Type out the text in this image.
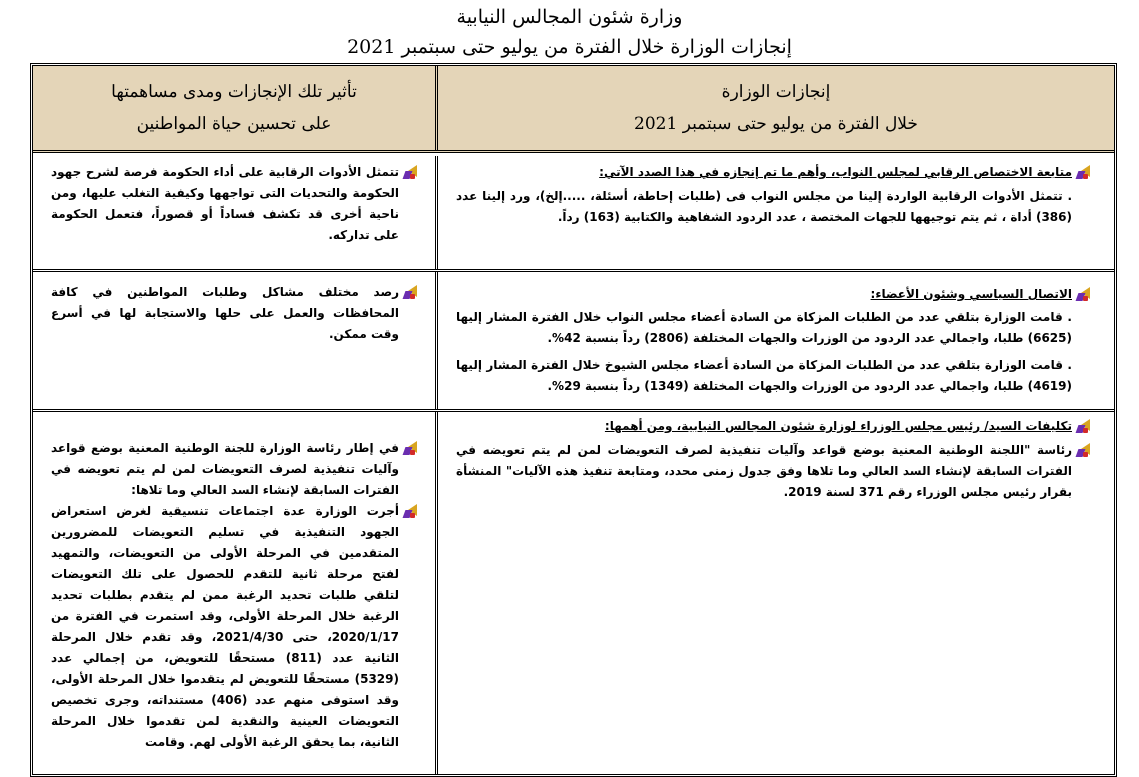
وزارة شئون المجالس النيابية
إنجازات الوزارة خلال الفترة من يوليو حتى سبتمبر 2021
إنجازات الوزارة
خلال الفترة من يوليو حتى سبتمبر 2021
تأثير تلك الإنجازات ومدى مساهمتها
على تحسين حياة المواطنين
متابعة الاختصاص الرقابي لمجلس النواب، وأهم ما تم إنجازه في هذا الصدد الآتي:
. تتمثل الأدوات الرقابية الواردة إلينا من مجلس النواب فى (طلبات إحاطة، أسئلة، .....إلخ)، ورد إلينا عدد (386) أداة ، ثم يتم توجيهها للجهات المختصة ، عدد الردود الشفاهية والكتابية (163) رداً.
تتمثل الأدوات الرقابية على أداء الحكومة فرصة لشرح جهود الحكومة والتحديات التى تواجهها وكيفية التغلب عليها، ومن ناحية أخرى قد تكشف فساداً أو قصوراً، فتعمل الحكومة على تداركه.
الاتصال السياسي وشئون الأعضاء:
. قامت الوزارة بتلقي عدد من الطلبات المزكاة من السادة أعضاء مجلس النواب خلال الفترة المشار إليها (6625) طلبا، واجمالي عدد الردود من الوزرات والجهات المختلفة (2806) رداً بنسبة 42%.
. قامت الوزارة بتلقي عدد من الطلبات المزكاة من السادة أعضاء مجلس الشيوخ خلال الفترة المشار إليها (4619) طلبا، واجمالي عدد الردود من الوزرات والجهات المختلفة (1349) رداً بنسبة 29%.
رصد مختلف مشاكل وطلبات المواطنين في كافة المحافظات والعمل على حلها والاستجابة لها في أسرع وقت ممكن.
تكليفات السيد/ رئيس مجلس الوزراء لوزارة شئون المجالس النيابية، ومن أهمها:
رئاسة "اللجنة الوطنية المعنية بوضع قواعد وآليات تنفيذية لصرف التعويضات لمن لم يتم تعويضه في الفترات السابقة لإنشاء السد العالي وما تلاها وفق جدول زمنى محدد، ومتابعة تنفيذ هذه الآليات" المنشأة بقرار رئيس مجلس الوزراء رقم 371 لسنة 2019.
في إطار رئاسة الوزارة للجنة الوطنية المعنية بوضع قواعد وآليات تنفيذية لصرف التعويضات لمن لم يتم تعويضه في الفترات السابقة لإنشاء السد العالي وما تلاها:
أجرت الوزارة عدة اجتماعات تنسيقية لغرض استعراض الجهود التنفيذية في تسليم التعويضات للمضرورين المتقدمين في المرحلة الأولى من التعويضات، والتمهيد لفتح مرحلة ثانية للتقدم للحصول على تلك التعويضات لتلقي طلبات تحديد الرغبة ممن لم يتقدم بطلبات تحديد الرغبة خلال المرحلة الأولى، وقد استمرت في الفترة من 2020/1/17، حتى 2021/4/30، وقد تقدم خلال المرحلة الثانية عدد (811) مستحقًا للتعويض، من إجمالي عدد (5329) مستحقًا للتعويض لم يتقدموا خلال المرحلة الأولى، وقد استوفى منهم عدد (406) مستنداته، وجرى تخصيص التعويضات العينية والنقدية لمن تقدموا خلال المرحلة الثانية، بما يحقق الرغبة الأولى لهم. وقامت
